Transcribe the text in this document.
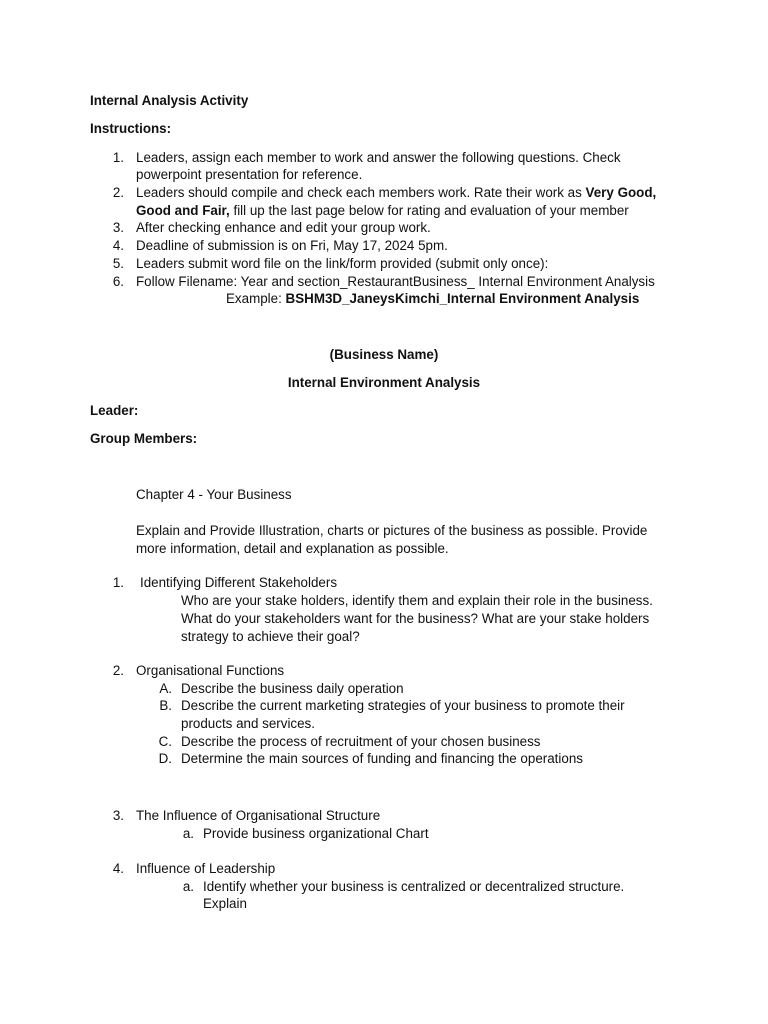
Internal Analysis Activity
Instructions:
1. Leaders, assign each member to work and answer the following questions. Check
powerpoint presentation for reference.
2. Leaders should compile and check each members work. Rate their work as Very Good,
Good and Fair, fill up the last page below for rating and evaluation of your member
3. After checking enhance and edit your group work.
4. Deadline of submission is on Fri, May 17, 2024 5pm.
5. Leaders submit word file on the link/form provided (submit only once):
6. Follow Filename: Year and section_RestaurantBusiness_ Internal Environment Analysis
Example: BSHM3D_JaneysKimchi_Internal Environment Analysis
(Business Name)
Internal Environment Analysis
Leader:
Group Members:
Chapter 4 - Your Business
Explain and Provide Illustration, charts or pictures of the business as possible. Provide
more information, detail and explanation as possible.
1. Identifying Different Stakeholders
Who are your stake holders, identify them and explain their role in the business.
What do your stakeholders want for the business? What are your stake holders
strategy to achieve their goal?
2. Organisational Functions
A. Describe the business daily operation
B. Describe the current marketing strategies of your business to promote their
products and services.
C. Describe the process of recruitment of your chosen business
D. Determine the main sources of funding and financing the operations
3. The Influence of Organisational Structure
a. Provide business organizational Chart
4. Influence of Leadership
a. Identify whether your business is centralized or decentralized structure.
Explain
